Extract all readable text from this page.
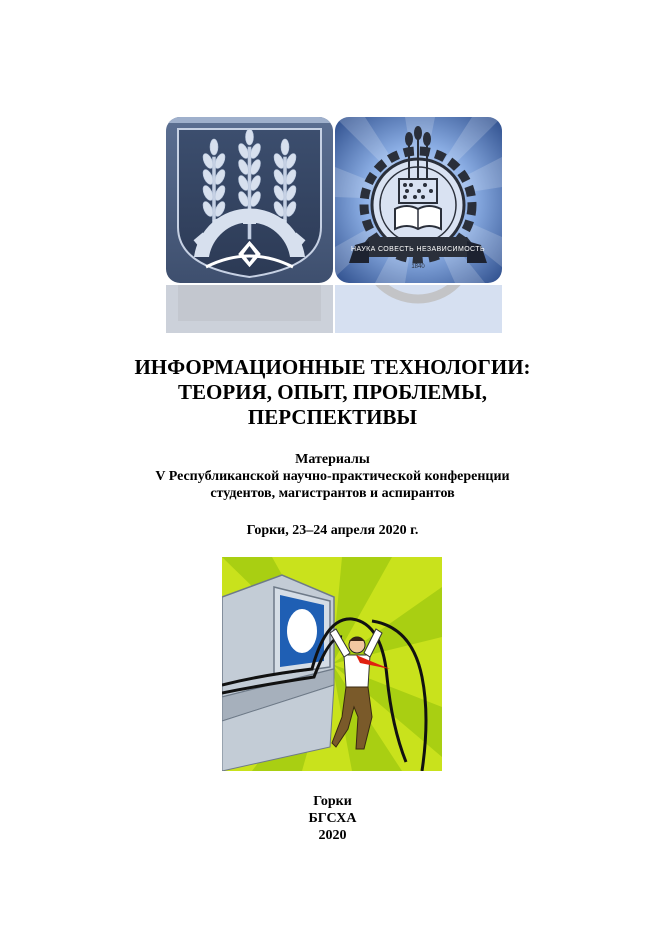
НАУКА СОВЕСТЬ НЕЗАВИСИМОСТЬ
1840
ИНФОРМАЦИОННЫЕ ТЕХНОЛОГИИ:
ТЕОРИЯ, ОПЫТ, ПРОБЛЕМЫ,
ПЕРСПЕКТИВЫ
Материалы
V Республиканской научно-практической конференции
студентов, магистрантов и аспирантов
Горки, 23–24 апреля 2020 г.
Горки
БГСХА
2020
